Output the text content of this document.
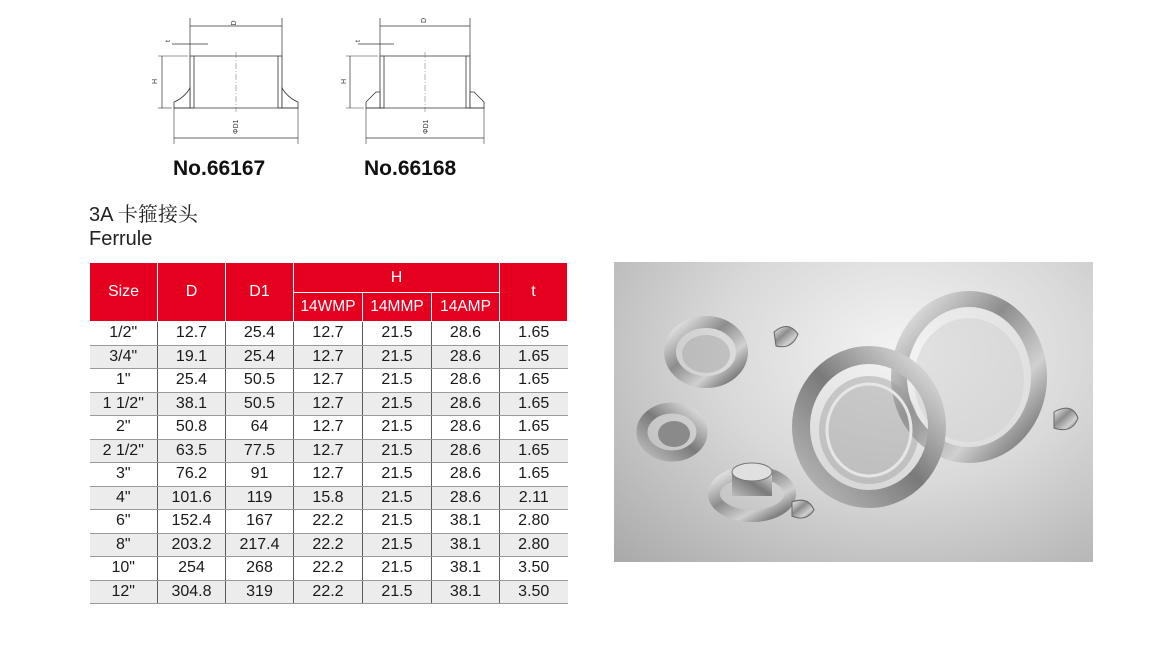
D
t
H
ΦD1
No.66167
D
t
H
ΦD1
No.66168
3A 卡箍接头
Ferrule
Size	D	D1	H			t
			14WMP	14MMP	14AMP	
1/2"	12.7	25.4	12.7	21.5	28.6	1.65
3/4"	19.1	25.4	12.7	21.5	28.6	1.65
1"	25.4	50.5	12.7	21.5	28.6	1.65
1 1/2"	38.1	50.5	12.7	21.5	28.6	1.65
2"	50.8	64	12.7	21.5	28.6	1.65
2 1/2"	63.5	77.5	12.7	21.5	28.6	1.65
3"	76.2	91	12.7	21.5	28.6	1.65
4"	101.6	119	15.8	21.5	28.6	2.11
6"	152.4	167	22.2	21.5	38.1	2.80
8"	203.2	217.4	22.2	21.5	38.1	2.80
10"	254	268	22.2	21.5	38.1	3.50
12"	304.8	319	22.2	21.5	38.1	3.50
